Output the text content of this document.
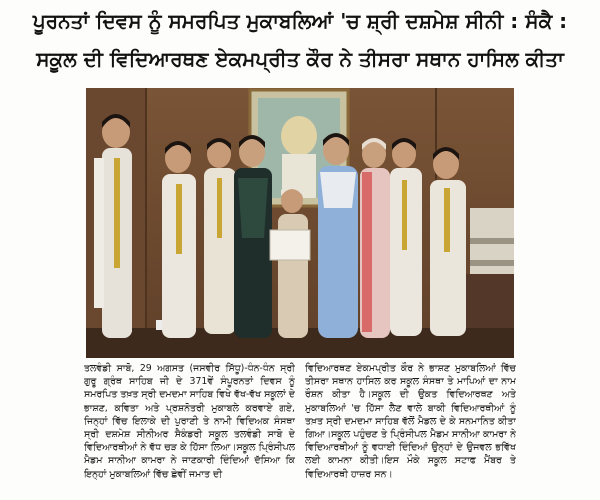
ਪੂਰਨਤਾਂ ਦਿਵਸ ਨੂੰ ਸਮਰਪਿਤ ਮੁਕਾਬਲਿਆਂ 'ਚ ਸ਼੍ਰੀ ਦਸ਼ਮੇਸ਼ ਸੀਨੀ : ਸੰਕੈ :
ਸਕੂਲ ਦੀ ਵਿਦਿਆਰਥਣ ਏਕਮਪ੍ਰੀਤ ਕੌਰ ਨੇ ਤੀਸਰਾ ਸਥਾਨ ਹਾਸਿਲ ਕੀਤਾ

ਤਲਵੰਡੀ ਸਾਬੋ, 29 ਅਗਸਤ (ਜਸਵੀਰ ਸਿੱਧੂ)-ਧੰਨ-ਧੰਨ ਸ੍ਰੀ ਗੁਰੂ ਗ੍ਰੰਥ ਸਾਹਿਬ ਜੀ ਦੇ 371ਵੇਂ ਸੰਪੂਰਨਤਾਂ ਦਿਵਸ ਨੂੰ ਸਮਰਪਿਤ ਤਖ਼ਤ ਸ੍ਰੀ ਦਮਦਮਾ ਸਾਹਿਬ ਵਿਖੇ ਵੱਖ-ਵੱਖ ਸਕੂਲਾਂ ਦੇ ਭਾਸ਼ਣ, ਕਵਿਤਾ ਅਤੇ ਪ੍ਰਸ਼ਨੋਤਰੀ ਮੁਕਾਬਲੇ ਕਰਵਾਏ ਗਏ, ਜਿਨ੍ਹਾਂ ਵਿੱਚ ਇਲਾਕੇ ਦੀ ਪੁਰਾਣੀ ਤੇ ਨਾਮੀ ਵਿਦਿਅਕ ਸੰਸਥਾ ਸ੍ਰੀ ਦਸ਼ਮੇਸ਼ ਸੀਨੀਅਰ ਸੈਕੰਡਰੀ ਸਕੂਲ ਤਲਵੰਡੀ ਸਾਬੋ ਦੇ ਵਿਦਿਆਰਥੀਆਂ ਨੇ ਵੱਧ ਚੜ ਕੇ ਹਿੱਸਾ ਲਿਆ।ਸਕੂਲ ਪ੍ਰਿੰਸੀਪਲ ਮੈਡਮ ਸਾਨੀਆ ਕਾਮਰਾ ਨੇ ਜਾਣਕਾਰੀ ਦਿੰਦਿਆਂ ਦੱਸਿਆ ਕਿ ਇਨ੍ਹਾਂ ਮੁਕਾਬਲਿਆਂ ਵਿੱਚ ਛੇਵੀਂ ਜਮਾਤ ਦੀ

ਵਿਦਿਆਰਥਣ ਏਕਮਪ੍ਰੀਤ ਕੌਰ ਨੇ ਭਾਸ਼ਣ ਮੁਕਾਬਲਿਆਂ ਵਿੱਚ ਤੀਸਰਾ ਸਥਾਨ ਹਾਸਿਲ ਕਰ ਸਕੂਲ ਸੰਸਥਾ ਤੇ ਮਾਪਿਆਂ ਦਾ ਨਾਮ ਰੌਸ਼ਨ ਕੀਤਾ ਹੈ।ਸਕੂਲ ਦੀ ਉਕਤ ਵਿਦਿਆਰਥਣ ਅਤੇ ਮੁਕਾਬਲਿਆਂ 'ਚ ਹਿੱਸਾ ਲੈਣ ਵਾਲੇ ਬਾਕੀ ਵਿਦਿਆਰਥੀਆਂ ਨੂੰ ਤਖ਼ਤ ਸ੍ਰੀ ਦਮਦਮਾ ਸਾਹਿਬ ਵੱਲੋਂ ਮੈਡਲ ਦੇ ਕੇ ਸਨਮਾਨਿਤ ਕੀਤਾ ਗਿਆ।ਸਕੂਲ ਪਹੁੰਚਣ ਤੇ ਪ੍ਰਿੰਸੀਪਲ ਮੈਡਮ ਸਾਨੀਆ ਕਾਮਰਾ ਨੇ ਵਿਦਿਆਰਥੀਆਂ ਨੂੰ ਵਧਾਈ ਦਿੰਦਿਆਂ ਉਨ੍ਹਾਂ ਦੇ ਉਜਵਲ ਭਵਿੱਖ ਲਈ ਕਾਮਨਾ ਕੀਤੀ।ਇਸ ਮੌਕੇ ਸਕੂਲ ਸਟਾਫ ਮੈਂਬਰ ਤੇ ਵਿਦਿਆਰਥੀ ਹਾਜ਼ਰ ਸਨ।
